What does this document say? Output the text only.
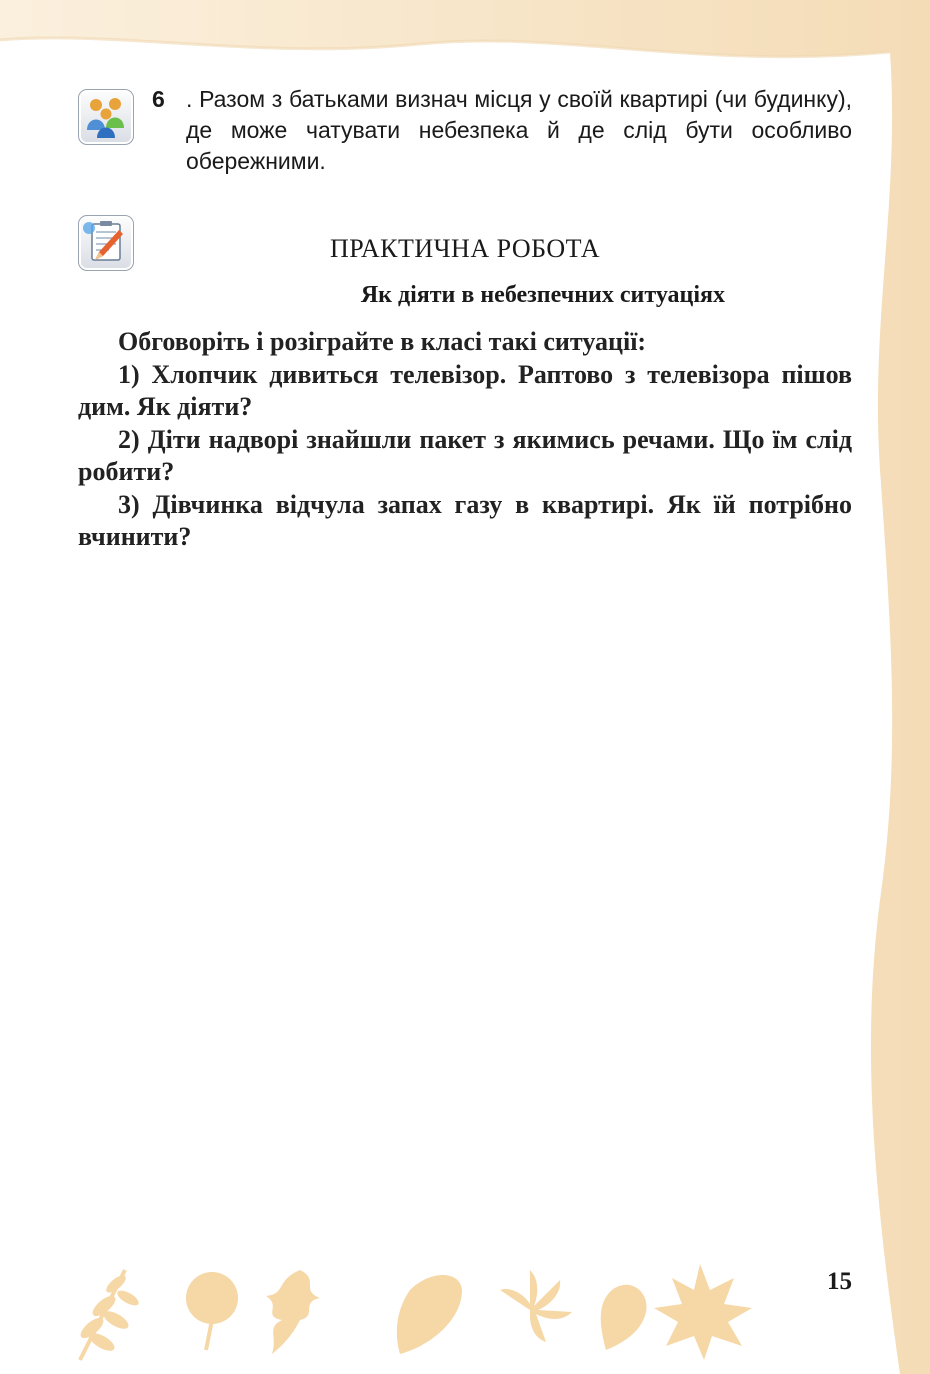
6 . Разом з батьками визнач місця у своїй квартирі (чи будинку), де може чатувати небезпека й де слід бути особливо обережними.
ПРАКТИЧНА РОБОТА
Як діяти в небезпечних ситуаціях

Обговоріть і розіграйте в класі такі ситуації:

1) Хлопчик дивиться телевізор. Раптово з телевізора пішов дим. Як діяти?

2) Діти надворі знайшли пакет з якимись речами. Що їм слід робити?

3) Дівчинка відчула запах газу в квартирі. Як їй потрібно вчинити?

15
